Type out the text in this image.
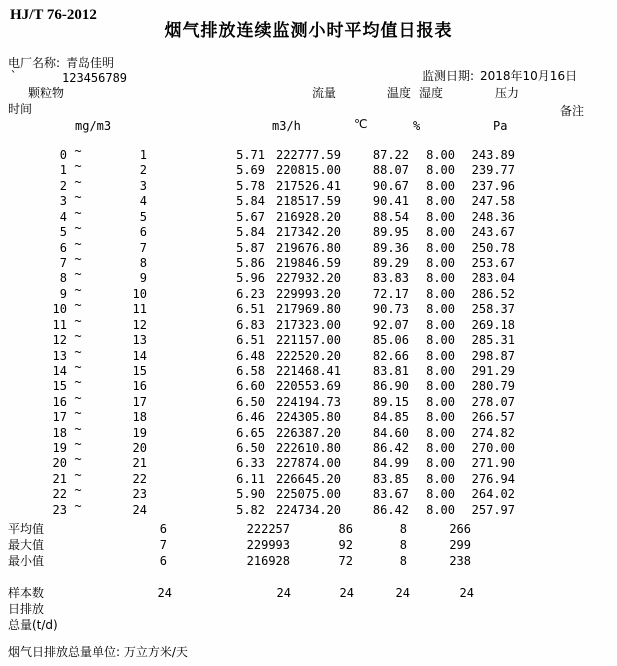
HJ/T 76-2012
烟气排放连续监测小时平均值日报表
电厂名称: 青岛佳明
`	123456789	监测日期: 2018年10月16日
颗粒物
时间
流量	温度 湿度	压力
备注
mg/m3	m3/h	℃	%	Pa
0 ~	1	5.71 222777.59	87.22	8.00	243.89
1 ~	2	5.69 220815.00	88.07	8.00	239.77
2 ~	3	5.78 217526.41	90.67	8.00	237.96
3 ~	4	5.84 218517.59	90.41	8.00	247.58
4 ~	5	5.67 216928.20	88.54	8.00	248.36
5 ~	6	5.84 217342.20	89.95	8.00	243.67
6 ~	7	5.87 219676.80	89.36	8.00	250.78
7 ~	8	5.86 219846.59	89.29	8.00	253.67
8 ~	9	5.96 227932.20	83.83	8.00	283.04
9 ~	10	6.23 229993.20	72.17	8.00	286.52
10 ~	11	6.51 217969.80	90.73	8.00	258.37
11 ~	12	6.83 217323.00	92.07	8.00	269.18
12 ~	13	6.51 221157.00	85.06	8.00	285.31
13 ~	14	6.48 222520.20	82.66	8.00	298.87
14 ~	15	6.58 221468.41	83.81	8.00	291.29
15 ~	16	6.60 220553.69	86.90	8.00	280.79
16 ~	17	6.50 224194.73	89.15	8.00	278.07
17 ~	18	6.46 224305.80	84.85	8.00	266.57
18 ~	19	6.65 226387.20	84.60	8.00	274.82
19 ~	20	6.50 222610.80	86.42	8.00	270.00
20 ~	21	6.33 227874.00	84.99	8.00	271.90
21 ~	22	6.11 226645.20	83.85	8.00	276.94
22 ~	23	5.90 225075.00	83.67	8.00	264.02
23 ~	24	5.82 224734.20	86.42	8.00	257.97
平均值	6	222257	86	8	266
最大值	7	229993	92	8	299
最小值	6	216928	72	8	238
样本数	24	24	24	24	24
日排放
总量(t/d)
烟气日排放总量单位: 万立方米/天
